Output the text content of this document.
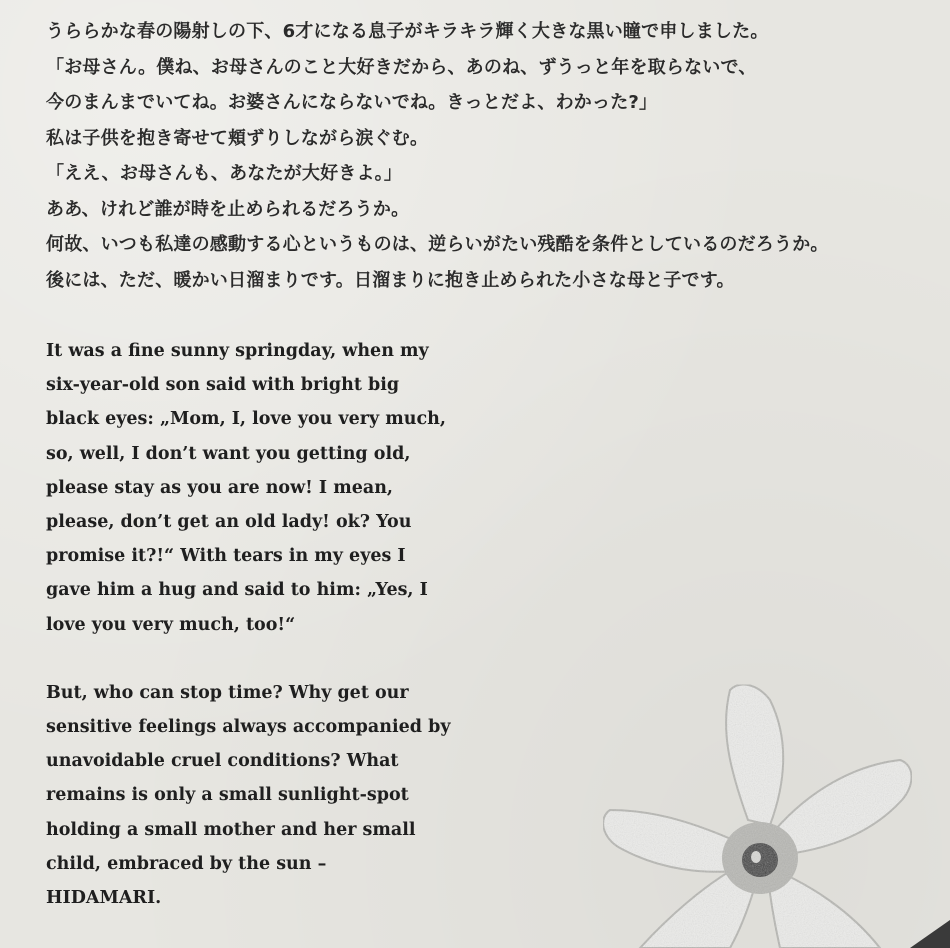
うららかな春の陽射しの下、6才になる息子がキラキラ輝く大きな黒い瞳で申しました。
「お母さん。僕ね、お母さんのこと大好きだから、あのね、ずうっと年を取らないで、
今のまんまでいてね。お婆さんにならないでね。きっとだよ、わかった?」
私は子供を抱き寄せて頬ずりしながら涙ぐむ。
「ええ、お母さんも、あなたが大好きよ。」
ああ、けれど誰が時を止められるだろうか。
何故、いつも私達の感動する心というものは、逆らいがたい残酷を条件としているのだろうか。
後には、ただ、暖かい日溜まりです。日溜まりに抱き止められた小さな母と子です。
It was a fine sunny springday, when my
six-year-old son said with bright big
black eyes: „Mom, I, love you very much,
so, well, I don’t want you getting old,
please stay as you are now! I mean,
please, don’t get an old lady! ok? You
promise it?!“ With tears in my eyes I
gave him a hug and said to him: „Yes, I
love you very much, too!“
But, who can stop time? Why get our
sensitive feelings always accompanied by
unavoidable cruel conditions? What
remains is only a small sunlight-spot
holding a small mother and her small
child, embraced by the sun –
HIDAMARI.
